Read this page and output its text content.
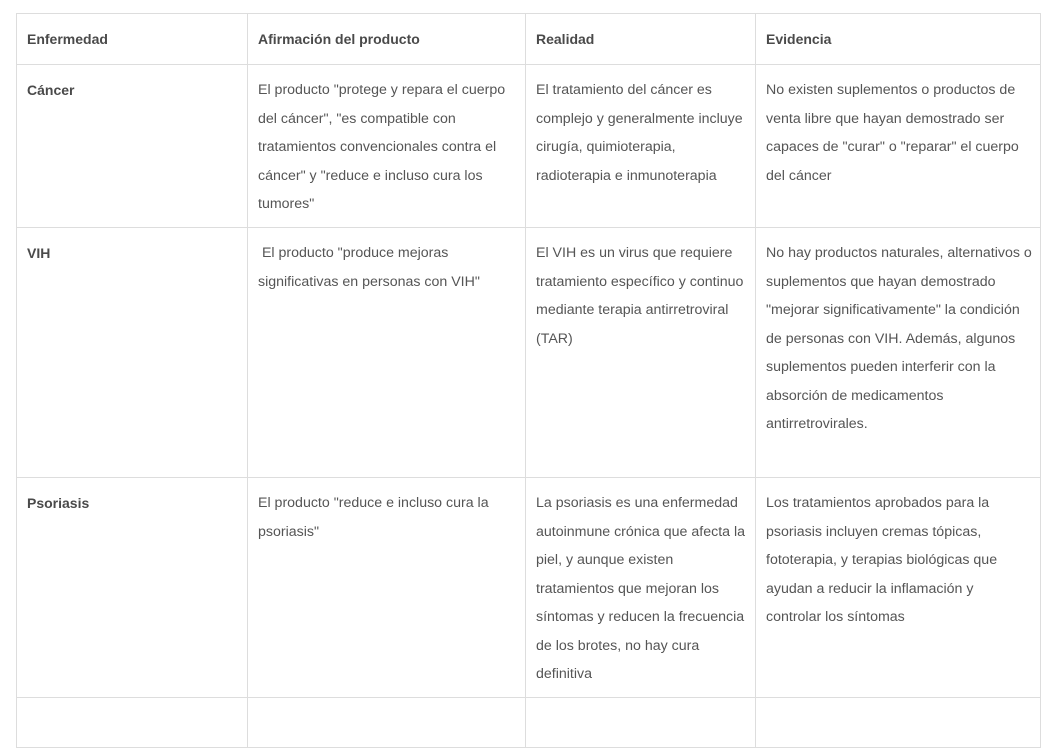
Enfermedad	Afirmación del producto	Realidad	Evidencia
Cáncer	El producto "protege y repara el cuerpo del cáncer", "es compatible con tratamientos convencionales contra el cáncer" y "reduce e incluso cura los tumores"	El tratamiento del cáncer es complejo y generalmente incluye cirugía, quimioterapia, radioterapia e inmunoterapia	No existen suplementos o productos de venta libre que hayan demostrado ser capaces de "curar" o "reparar" el cuerpo del cáncer
VIH	El producto "produce mejoras significativas en personas con VIH"	El VIH es un virus que requiere tratamiento específico y continuo mediante terapia antirretroviral (TAR)	No hay productos naturales, alternativos o suplementos que hayan demostrado "mejorar significativamente" la condición de personas con VIH. Además, algunos suplementos pueden interferir con la absorción de medicamentos antirretrovirales.
Psoriasis	El producto "reduce e incluso cura la psoriasis"	La psoriasis es una enfermedad autoinmune crónica que afecta la piel, y aunque existen tratamientos que mejoran los síntomas y reducen la frecuencia de los brotes, no hay cura definitiva	Los tratamientos aprobados para la psoriasis incluyen cremas tópicas, fototerapia, y terapias biológicas que ayudan a reducir la inflamación y controlar los síntomas
